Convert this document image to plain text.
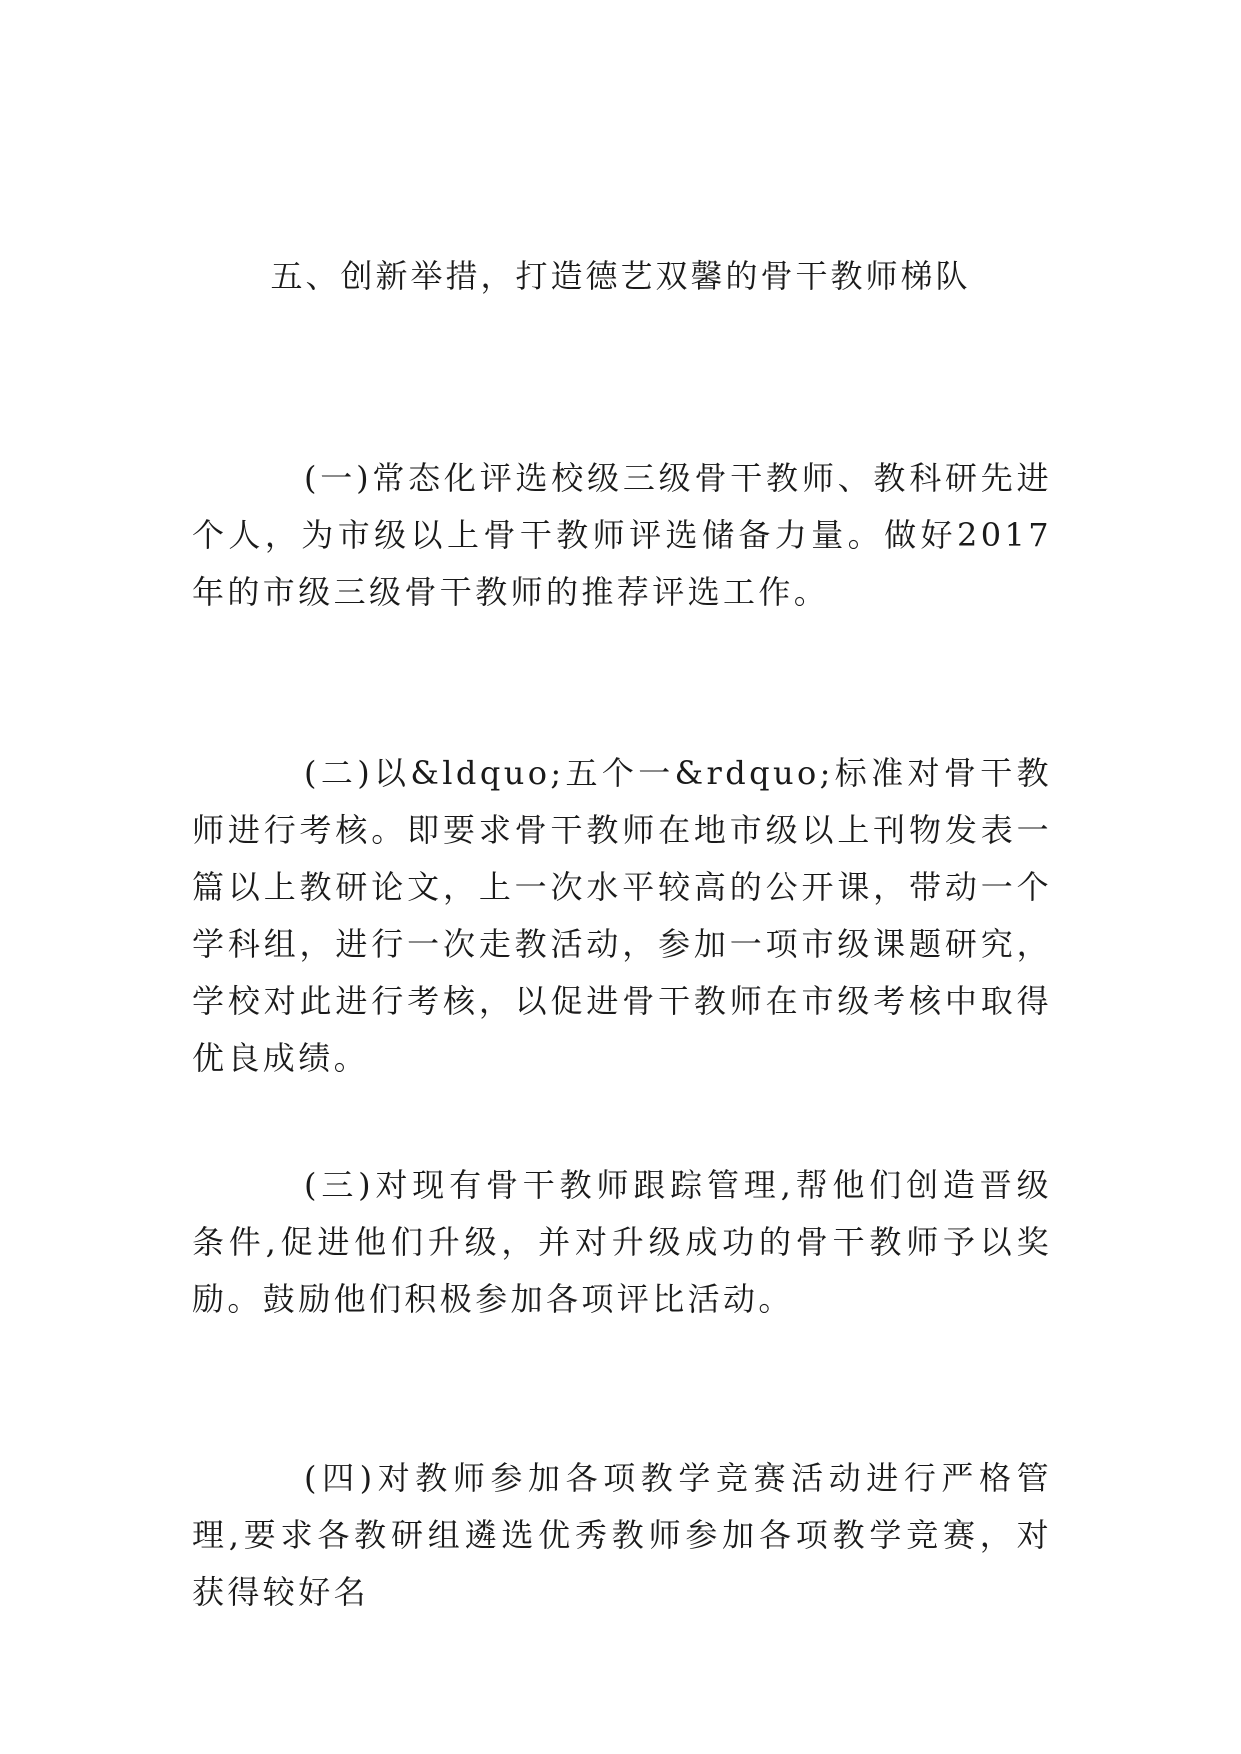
五、创新举措，打造德艺双馨的骨干教师梯队

(一)常态化评选校级三级骨干教师、教科研先进个人，为市级以上骨干教师评选储备力量。做好2017年的市级三级骨干教师的推荐评选工作。

(二)以&ldquo;五个一&rdquo;标准对骨干教师进行考核。即要求骨干教师在地市级以上刊物发表一篇以上教研论文，上一次水平较高的公开课，带动一个学科组，进行一次走教活动，参加一项市级课题研究，学校对此进行考核，以促进骨干教师在市级考核中取得优良成绩。

(三)对现有骨干教师跟踪管理,帮他们创造晋级条件,促进他们升级，并对升级成功的骨干教师予以奖励。鼓励他们积极参加各项评比活动。

(四)对教师参加各项教学竞赛活动进行严格管理,要求各教研组遴选优秀教师参加各项教学竞赛，对获得较好名
